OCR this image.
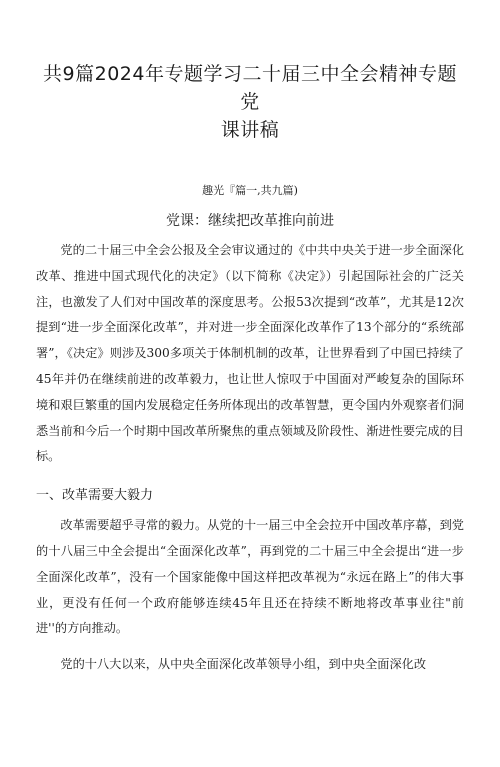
共9篇2024年专题学习二十届三中全会精神专题党
课讲稿
趣光『篇一,共九篇)
党课：继续把改革推向前进

党的二十届三中全会公报及全会审议通过的《中共中央关于进一步全面深化改革、推进中国式现代化的决定》（以下简称《决定》）引起国际社会的广泛关注，也激发了人们对中国改革的深度思考。公报53次提到“改革”，尤其是12次提到“进一步全面深化改革”，并对进一步全面深化改革作了13个部分的“系统部署”，《决定》则涉及300多项关于体制机制的改革，让世界看到了中国已持续了45年并仍在继续前进的改革毅力，也让世人惊叹于中国面对严峻复杂的国际环境和艰巨繁重的国内发展稳定任务所体现出的改革智慧，更令国内外观察者们洞悉当前和今后一个时期中国改革所聚焦的重点领域及阶段性、渐进性要完成的目标。

一、改革需要大毅力

改革需要超乎寻常的毅力。从党的十一届三中全会拉开中国改革序幕，到党的十八届三中全会提出“全面深化改革”，再到党的二十届三中全会提出“进一步全面深化改革”，没有一个国家能像中国这样把改革视为“永远在路上”的伟大事业，更没有任何一个政府能够连续45年且还在持续不断地将改革事业往"前进''的方向推动。

党的十八大以来，从中央全面深化改革领导小组，到中央全面深化改
